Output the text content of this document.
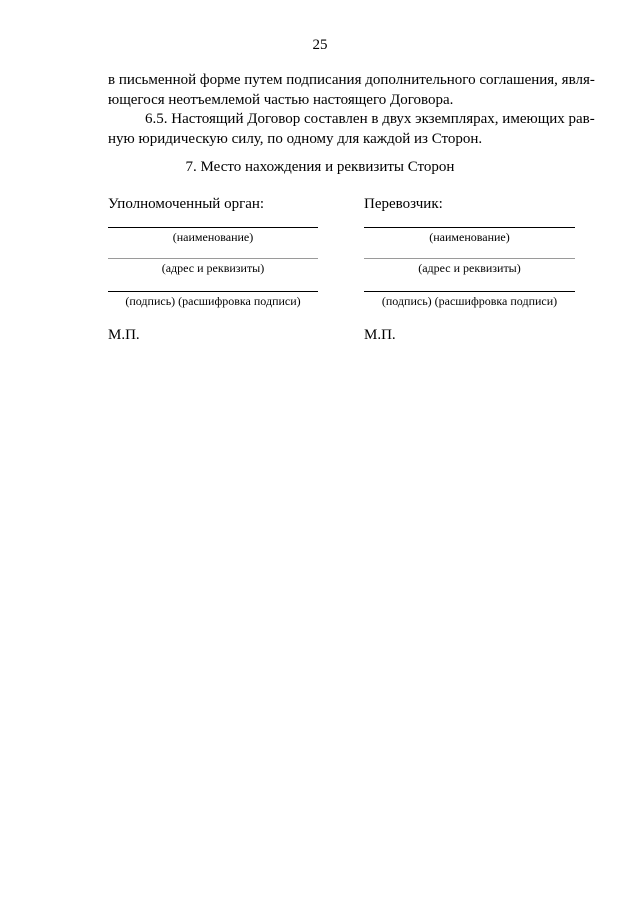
25
в письменной форме путем подписания дополнительного соглашения, явля-
ющегося неотъемлемой частью настоящего Договора.
6.5. Настоящий Договор составлен в двух экземплярах, имеющих рав-
ную юридическую силу, по одному для каждой из Сторон.
7. Место нахождения и реквизиты Сторон
Уполномоченный орган:
(наименование)
(адрес и реквизиты)
(подпись) (расшифровка подписи)
М.П.
Перевозчик:
(наименование)
(адрес и реквизиты)
(подпись) (расшифровка подписи)
М.П.
